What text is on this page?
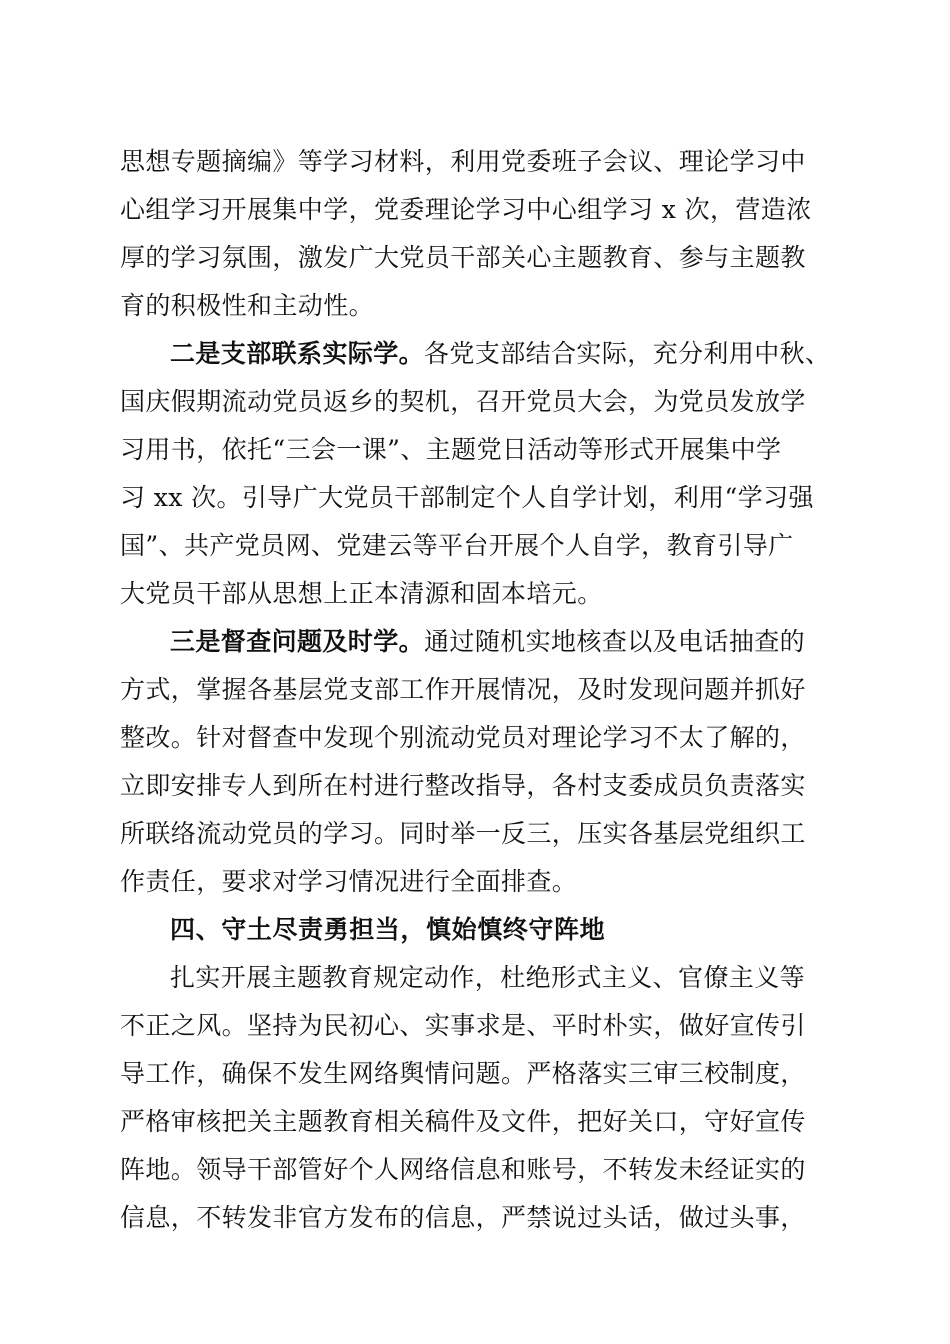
思想专题摘编》等学习材料，利用党委班子会议、理论学习中
心组学习开展集中学，党委理论学习中心组学习 x 次，营造浓
厚的学习氛围，激发广大党员干部关心主题教育、参与主题教
育的积极性和主动性。
二是支部联系实际学。各党支部结合实际，充分利用中秋、
国庆假期流动党员返乡的契机，召开党员大会，为党员发放学
习用书，依托“三会一课”、主题党日活动等形式开展集中学
习 xx 次。引导广大党员干部制定个人自学计划，利用“学习强
国”、共产党员网、党建云等平台开展个人自学，教育引导广
大党员干部从思想上正本清源和固本培元。
三是督查问题及时学。通过随机实地核查以及电话抽查的
方式，掌握各基层党支部工作开展情况，及时发现问题并抓好
整改。针对督查中发现个别流动党员对理论学习不太了解的，
立即安排专人到所在村进行整改指导，各村支委成员负责落实
所联络流动党员的学习。同时举一反三，压实各基层党组织工
作责任，要求对学习情况进行全面排查。
四、守土尽责勇担当，慎始慎终守阵地
扎实开展主题教育规定动作，杜绝形式主义、官僚主义等
不正之风。坚持为民初心、实事求是、平时朴实，做好宣传引
导工作，确保不发生网络舆情问题。严格落实三审三校制度，
严格审核把关主题教育相关稿件及文件，把好关口，守好宣传
阵地。领导干部管好个人网络信息和账号，不转发未经证实的
信息，不转发非官方发布的信息，严禁说过头话，做过头事，
